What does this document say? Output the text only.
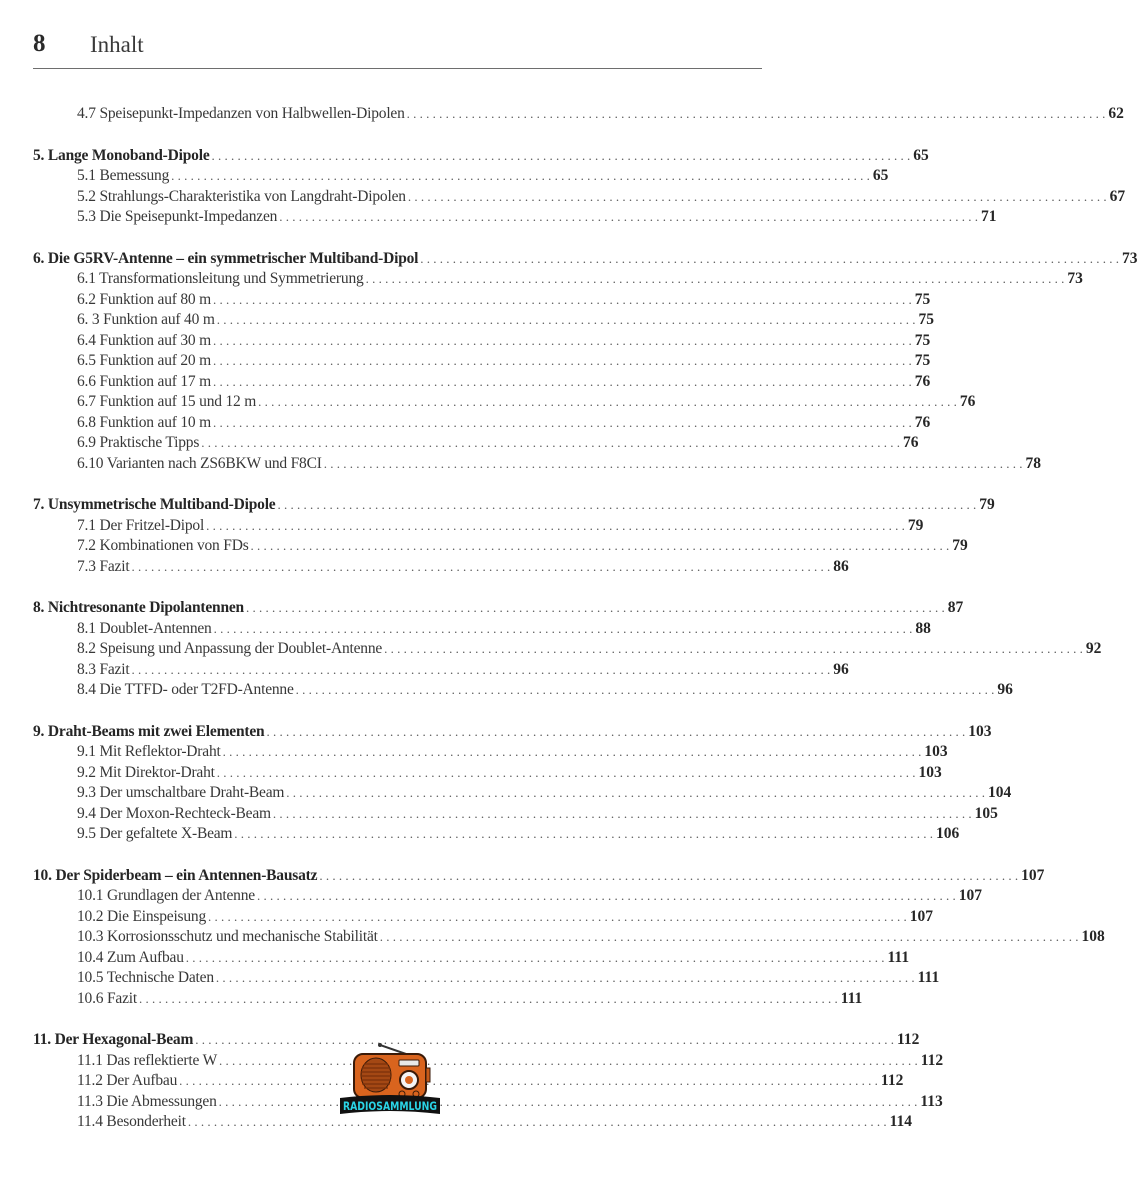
8 Inhalt
4.7 Speisepunkt-Impedanzen von Halbwellen-Dipolen . . .	62
5. Lange Monoband-Dipole . . .	65
5.1 Bemessung . . .	65
5.2 Strahlungs-Charakteristika von Langdraht-Dipolen . . .	67
5.3 Die Speisepunkt-Impedanzen . . .	71
6. Die G5RV-Antenne – ein symmetrischer Multiband-Dipol . . .	73
6.1 Transformationsleitung und Symmetrierung . . .	73
6.2 Funktion auf 80 m . . .	75
6. 3 Funktion auf 40 m . . .	75
6.4 Funktion auf 30 m . . .	75
6.5 Funktion auf 20 m . . .	75
6.6 Funktion auf 17 m . . .	76
6.7 Funktion auf 15 und 12 m . . .	76
6.8 Funktion auf 10 m . . .	76
6.9 Praktische Tipps . . .	76
6.10 Varianten nach ZS6BKW und F8CI . . .	78
7. Unsymmetrische Multiband-Dipole . . .	79
7.1 Der Fritzel-Dipol . . .	79
7.2 Kombinationen von FDs . . .	79
7.3 Fazit . . .	86
8. Nichtresonante Dipolantennen . . .	87
8.1 Doublet-Antennen . . .	88
8.2 Speisung und Anpassung der Doublet-Antenne . . .	92
8.3 Fazit . . .	96
8.4 Die TTFD- oder T2FD-Antenne . . .	96
9. Draht-Beams mit zwei Elementen . . .	103
9.1 Mit Reflektor-Draht . . .	103
9.2 Mit Direktor-Draht . . .	103
9.3 Der umschaltbare Draht-Beam . . .	104
9.4 Der Moxon-Rechteck-Beam . . .	105
9.5 Der gefaltete X-Beam . . .	106
10. Der Spiderbeam – ein Antennen-Bausatz . . .	107
10.1 Grundlagen der Antenne . . .	107
10.2 Die Einspeisung . . .	107
10.3 Korrosionsschutz und mechanische Stabilität . . .	108
10.4 Zum Aufbau . . .	111
10.5 Technische Daten . . .	111
10.6 Fazit . . .	111
11. Der Hexagonal-Beam . . .	112
11.1 Das reflektierte W . . .	112
11.2 Der Aufbau . . .	112
11.3 Die Abmessungen . . .	113
11.4 Besonderheit . . .	114
RADIOSAMMLUNG
